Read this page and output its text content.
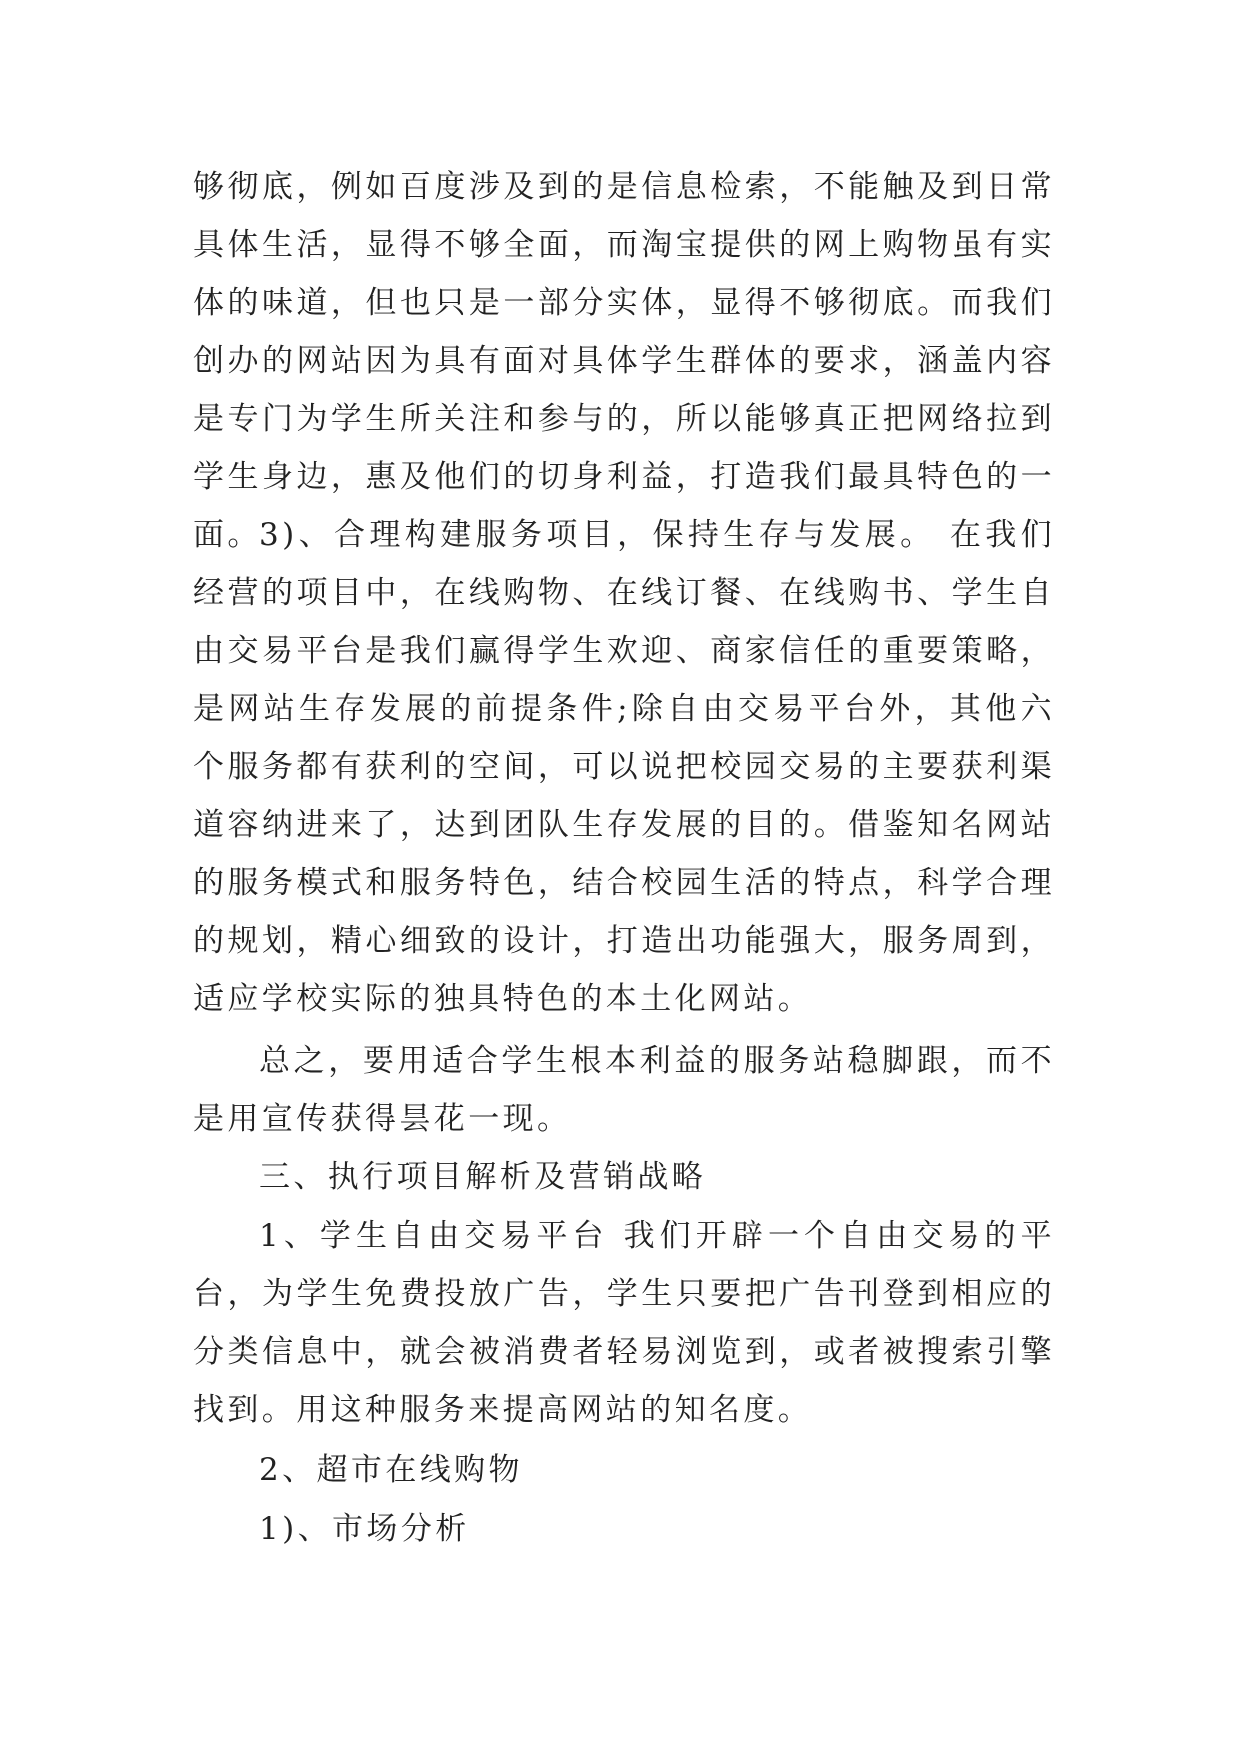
够彻底，例如百度涉及到的是信息检索，不能触及到日常具体生活，显得不够全面，而淘宝提供的网上购物虽有实体的味道，但也只是一部分实体，显得不够彻底。而我们创办的网站因为具有面对具体学生群体的要求，涵盖内容是专门为学生所关注和参与的，所以能够真正把网络拉到学生身边，惠及他们的切身利益，打造我们最具特色的一面。

3)、合理构建服务项目，保持生存与发展。 在我们经营的项目中，在线购物、在线订餐、在线购书、学生自由交易平台是我们赢得学生欢迎、商家信任的重要策略，是网站生存发展的前提条件;除自由交易平台外，其他六个服务都有获利的空间，可以说把校园交易的主要获利渠道容纳进来了，达到团队生存发展的目的。借鉴知名网站的服务模式和服务特色，结合校园生活的特点，科学合理的规划，精心细致的设计，打造出功能强大，服务周到，适应学校实际的独具特色的本土化网站。

总之，要用适合学生根本利益的服务站稳脚跟，而不是用宣传获得昙花一现。

三、执行项目解析及营销战略

1、学生自由交易平台 我们开辟一个自由交易的平台，为学生免费投放广告，学生只要把广告刊登到相应的分类信息中，就会被消费者轻易浏览到，或者被搜索引擎找到。用这种服务来提高网站的知名度。

2、超市在线购物

1)、市场分析
